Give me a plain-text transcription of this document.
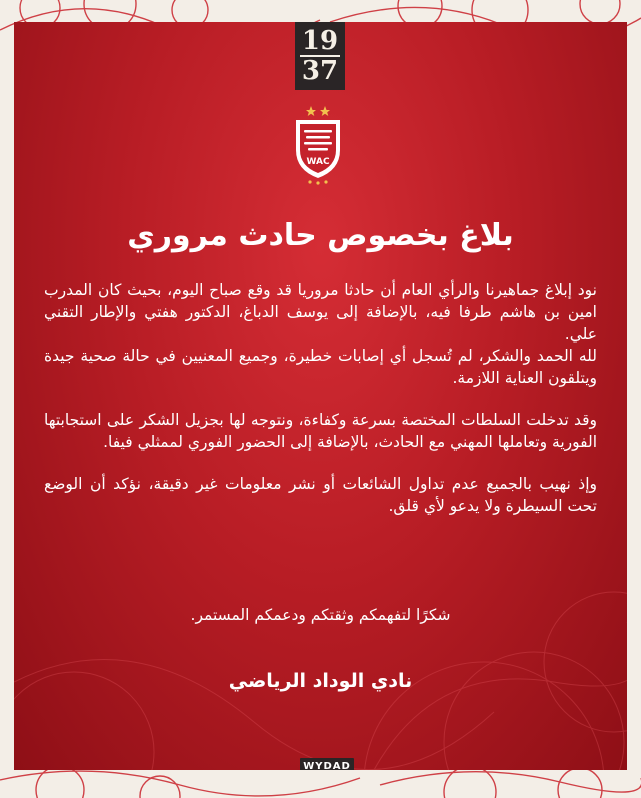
19
37
WAC
بلاغ بخصوص حادث مروري

نود إبلاغ جماهيرنا والرأي العام أن حادثا مروريا قد وقع صباح اليوم، بحيث كان المدرب امين بن هاشم طرفا فيه، بالإضافة إلى يوسف الدباغ، الدكتور هفتي والإطار التقني علي.

لله الحمد والشكر، لم تُسجل أي إصابات خطيرة، وجميع المعنيين في حالة صحية جيدة ويتلقون العناية اللازمة.

وقد تدخلت السلطات المختصة بسرعة وكفاءة، ونتوجه لها بجزيل الشكر على استجابتها الفورية وتعاملها المهني مع الحادث، بالإضافة إلى الحضور الفوري لممثلي فيفا.

وإذ نهيب بالجميع عدم تداول الشائعات أو نشر معلومات غير دقيقة، نؤكد أن الوضع تحت السيطرة ولا يدعو لأي قلق.

شكرًا لتفهمكم وثقتكم ودعمكم المستمر.
نادي الوداد الرياضي
WYDAD
